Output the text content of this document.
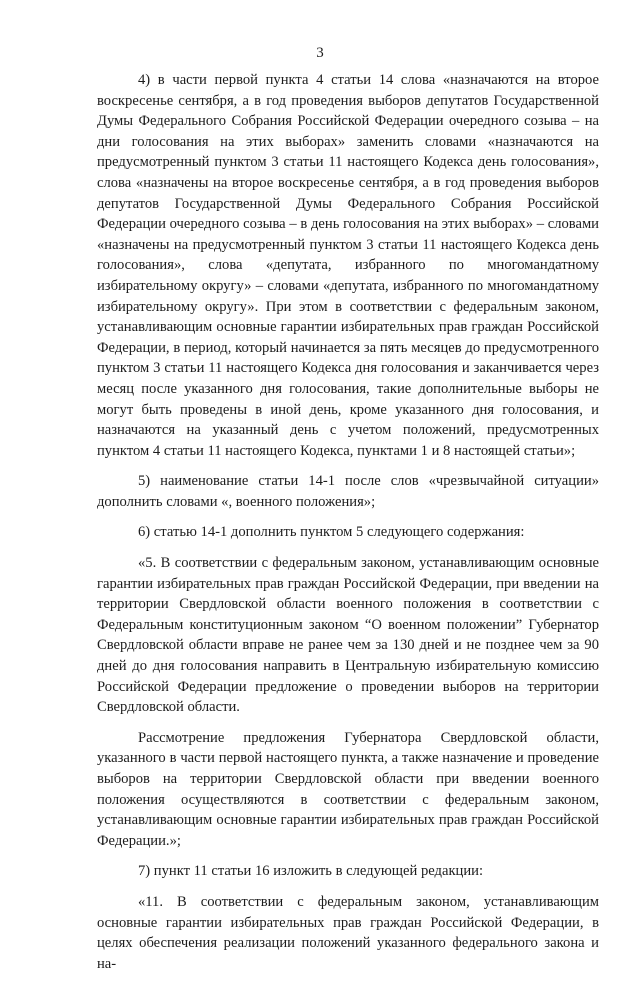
3

4) в части первой пункта 4 статьи 14 слова «назначаются на второе воскресенье сентября, а в год проведения выборов депутатов Государственной Думы Федерального Собрания Российской Федерации очередного созыва – на дни голосования на этих выборах» заменить словами «назначаются на предусмотренный пунктом 3 статьи 11 настоящего Кодекса день голосования», слова «назначены на второе воскресенье сентября, а в год проведения выборов депутатов Государственной Думы Федерального Собрания Российской Федерации очередного созыва – в день голосования на этих выборах» – словами «назначены на предусмотренный пунктом 3 статьи 11 настоящего Кодекса день голосования», слова «депутата, избранного по многомандатному избирательному округу» – словами «депутата, избранного по многомандатному избирательному округу». При этом в соответствии с федеральным законом, устанавливающим основные гарантии избирательных прав граждан Российской Федерации, в период, который начинается за пять месяцев до предусмотренного пунктом 3 статьи 11 настоящего Кодекса дня голосования и заканчивается через месяц после указанного дня голосования, такие дополнительные выборы не могут быть проведены в иной день, кроме указанного дня голосования, и назначаются на указанный день с учетом положений, предусмотренных пунктом 4 статьи 11 настоящего Кодекса, пунктами 1 и 8 настоящей статьи»;

5) наименование статьи 14-1 после слов «чрезвычайной ситуации» дополнить словами «, военного положения»;

6) статью 14-1 дополнить пунктом 5 следующего содержания:

«5. В соответствии с федеральным законом, устанавливающим основные гарантии избирательных прав граждан Российской Федерации, при введении на территории Свердловской области военного положения в соответствии с Федеральным конституционным законом “О военном положении” Губернатор Свердловской области вправе не ранее чем за 130 дней и не позднее чем за 90 дней до дня голосования направить в Центральную избирательную комиссию Российской Федерации предложение о проведении выборов на территории Свердловской области.

Рассмотрение предложения Губернатора Свердловской области, указанного в части первой настоящего пункта, а также назначение и проведение выборов на территории Свердловской области при введении военного положения осуществляются в соответствии с федеральным законом, устанавливающим основные гарантии избирательных прав граждан Российской Федерации.»;

7) пункт 11 статьи 16 изложить в следующей редакции:

«11. В соответствии с федеральным законом, устанавливающим основные гарантии избирательных прав граждан Российской Федерации, в целях обеспечения реализации положений указанного федерального закона и на-
